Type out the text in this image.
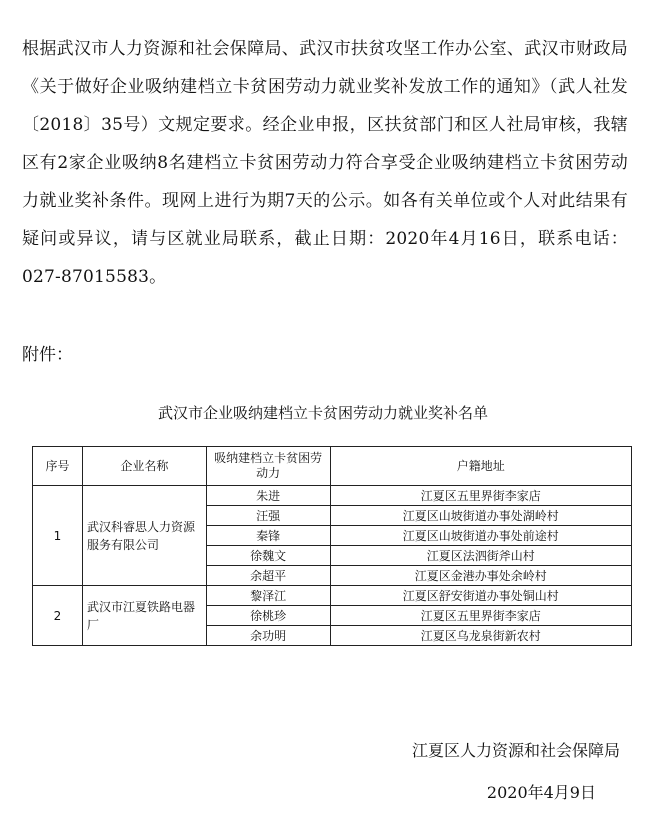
根据武汉市人力资源和社会保障局、武汉市扶贫攻坚工作办公室、武汉市财政局《关于做好企业吸纳建档立卡贫困劳动力就业奖补发放工作的通知》（武人社发〔2018〕35号）文规定要求。经企业申报，区扶贫部门和区人社局审核，我辖区有2家企业吸纳8名建档立卡贫困劳动力符合享受企业吸纳建档立卡贫困劳动力就业奖补条件。现网上进行为期7天的公示。如各有关单位或个人对此结果有疑问或异议，请与区就业局联系，截止日期：2020年4月16日，联系电话：027-87015583。

附件：

武汉市企业吸纳建档立卡贫困劳动力就业奖补名单
序号	企业名称	吸纳建档立卡贫困劳动力	户籍地址
1	武汉科睿思人力资源服务有限公司	朱进	江夏区五里界街李家店
		汪强	江夏区山坡街道办事处湖岭村
		秦锋	江夏区山坡街道办事处前途村
		徐魏文	江夏区法泗街斧山村
		余超平	江夏区金港办事处余岭村
2	武汉市江夏铁路电器厂	黎泽江	江夏区舒安街道办事处铜山村
		徐桃珍	江夏区五里界街李家店
		余功明	江夏区乌龙泉街新农村

江夏区人力资源和社会保障局

2020年4月9日
